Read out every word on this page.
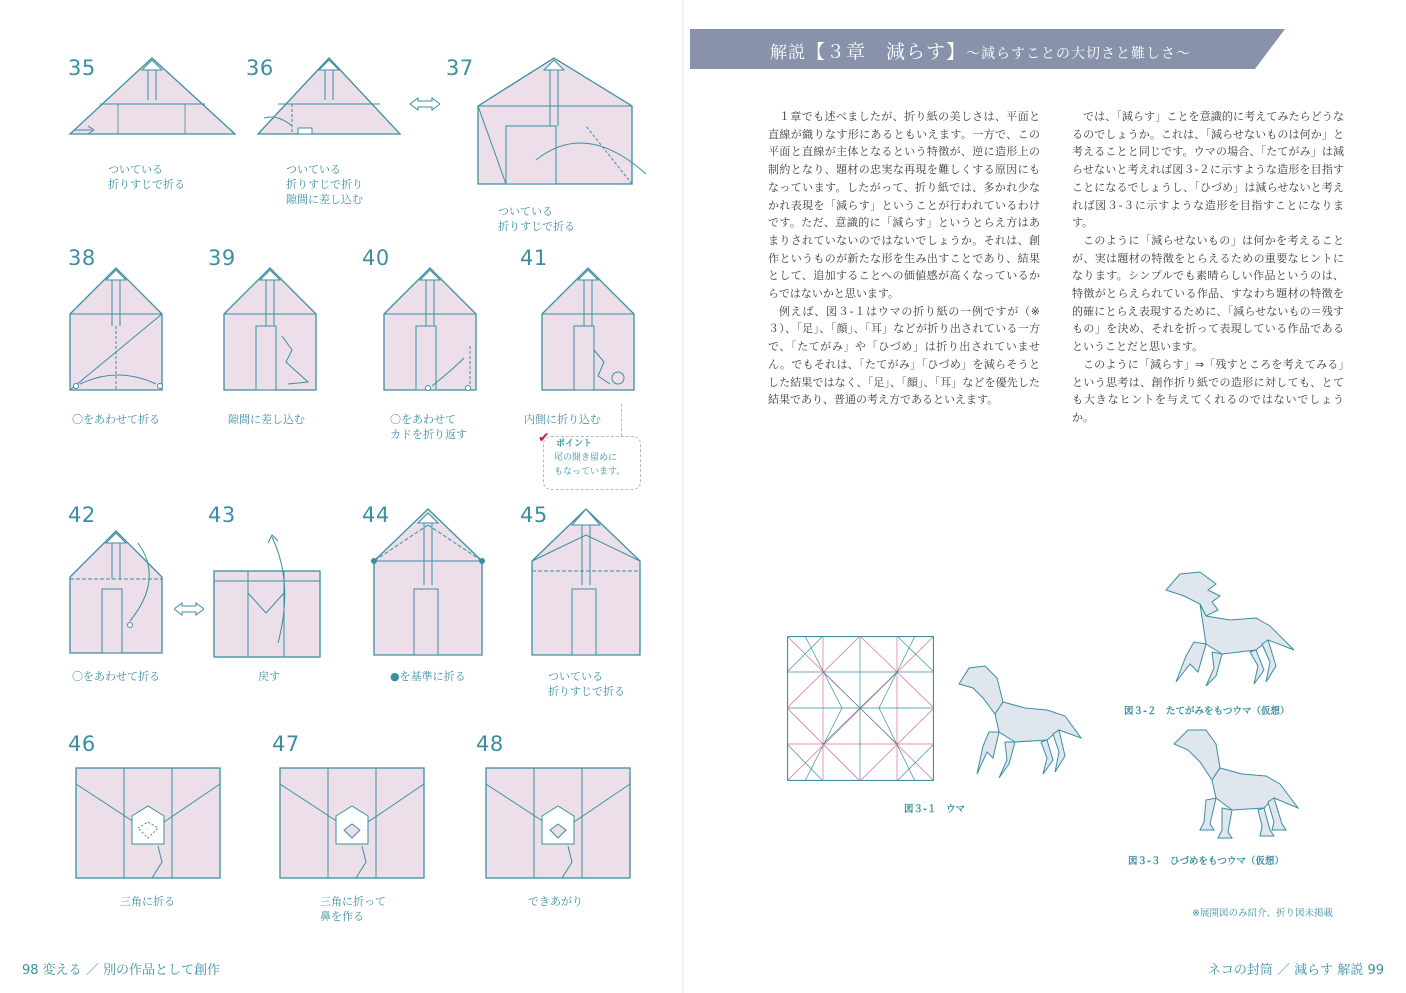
35
ついている
折りすじで折る
36
ついている
折りすじで折り
隙間に差し込む
37
ついている
折りすじで折る
38
〇をあわせて折る
39
隙間に差し込む
40
〇をあわせて
カドを折り返す
41
内側に折り込む
✔ ポイント
尾の開き留めに
もなっています。
42
〇をあわせて折る
43
戻す
44
●を基準に折る
45
ついている
折りすじで折る
46
三角に折る
47
三角に折って
鼻を作る
48
できあがり
98 変える ／ 別の作品として創作
解説【３章　減らす】〜減らすことの大切さと難しさ〜

１章でも述べましたが、折り紙の美しさは、平面と直線が織りなす形にあるともいえます。一方で、この平面と直線が主体となるという特徴が、逆に造形上の制約となり、題材の忠実な再現を難しくする原因にもなっています。したがって、折り紙では、多かれ少なかれ表現を「減らす」ということが行われているわけです。ただ、意識的に「減らす」というとらえ方はあまりされていないのではないでしょうか。それは、創作というものが新たな形を生み出すことであり、結果として、追加することへの価値感が高くなっているからではないかと思います。

例えば、図３-１はウマの折り紙の一例ですが（※３）、「足」、「顔」、「耳」などが折り出されている一方で、「たてがみ」や「ひづめ」は折り出されていません。でもそれは、「たてがみ」「ひづめ」を減らそうとした結果ではなく、「足」、「顔」、「耳」などを優先した結果であり、普通の考え方であるといえます。

では、「減らす」ことを意識的に考えてみたらどうなるのでしょうか。これは、「減らせないものは何か」と考えることと同じです。ウマの場合、「たてがみ」は減らせないと考えれば図３-２に示すような造形を目指すことになるでしょうし、「ひづめ」は減らせないと考えれば図３-３に示すような造形を目指すことになります。

このように「減らせないもの」は何かを考えることが、実は題材の特徴をとらえるための重要なヒントになります。シンプルでも素晴らしい作品というのは、特徴がとらえられている作品、すなわち題材の特徴を的確にとらえ表現するために、「減らせないもの＝残すもの」を決め、それを折って表現している作品であるということだと思います。

このように「減らす」⇒「残すところを考えてみる」という思考は、創作折り紙での造形に対しても、とても大きなヒントを与えてくれるのではないでしょうか。

図３-１　 ウマ
図３-２　 たてがみをもつウマ（仮想）
図３-３　 ひづめをもつウマ（仮想）
※展開図のみ紹介、折り図未掲載
ネコの封筒 ／ 減らす 解説 99
